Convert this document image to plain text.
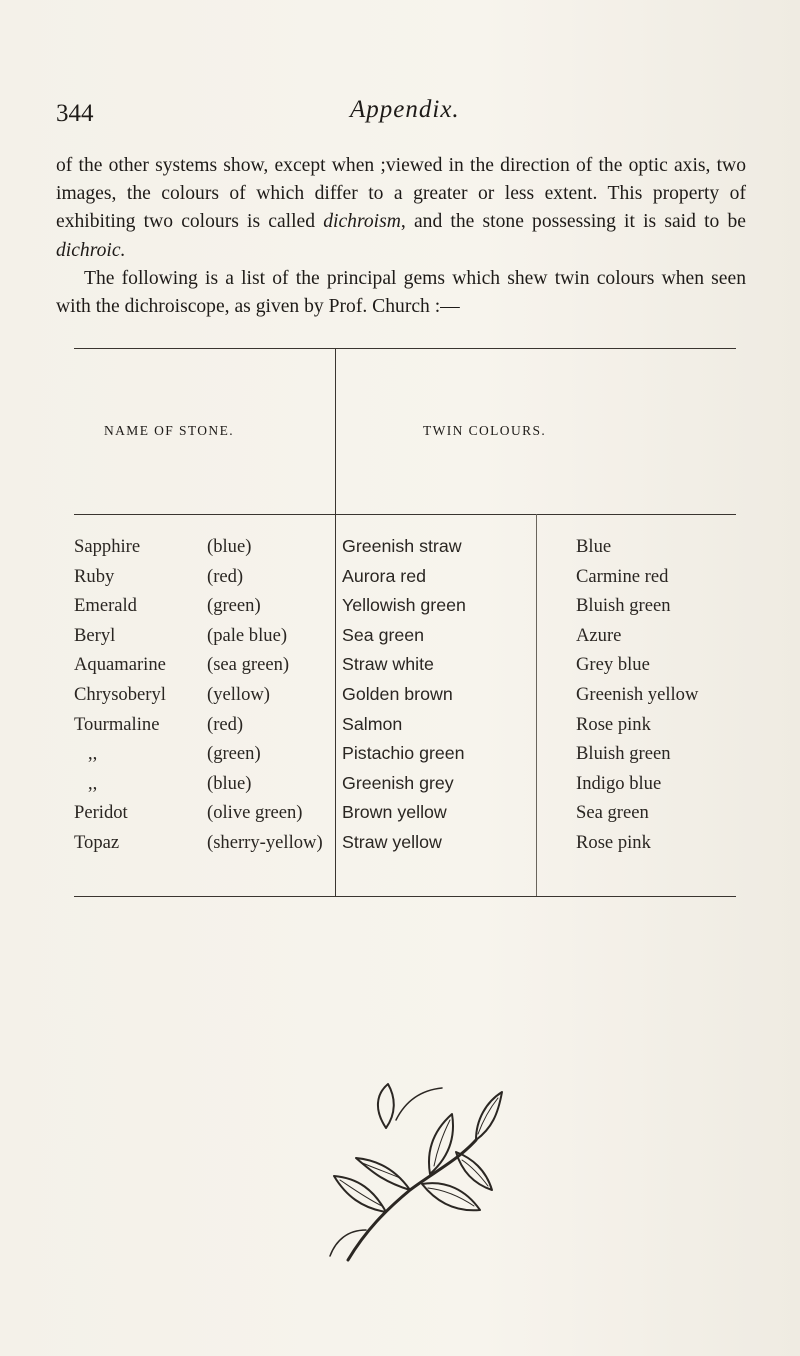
344	Appendix.

of the other systems show, except when ;viewed in the direction of the optic axis, two images, the colours of which differ to a greater or less extent. This property of exhibiting two colours is called dichroism, and the stone possessing it is said to be dichroic.

The following is a list of the principal gems which shew twin colours when seen with the dichroiscope, as given by Prof. Church :—

NAME OF STONE.	TWIN COLOURS.
Sapphire	(blue)	Greenish straw	Blue
Ruby	(red)	Aurora red	Carmine red
Emerald	(green)	Yellowish green	Bluish green
Beryl	(pale blue)	Sea green	Azure
Aquamarine (sea green)	Straw white	Grey blue
Chrysoberyl (yellow)	Golden brown	Greenish yellow
Tourmaline	(red)	Salmon	Rose pink
,,	(green)	Pistachio green	Bluish green
,,	(blue)	Greenish grey	Indigo blue
Peridot	(olive green) Brown yellow	Sea green
Topaz	(sherry-yellow) Straw yellow	Rose pink
